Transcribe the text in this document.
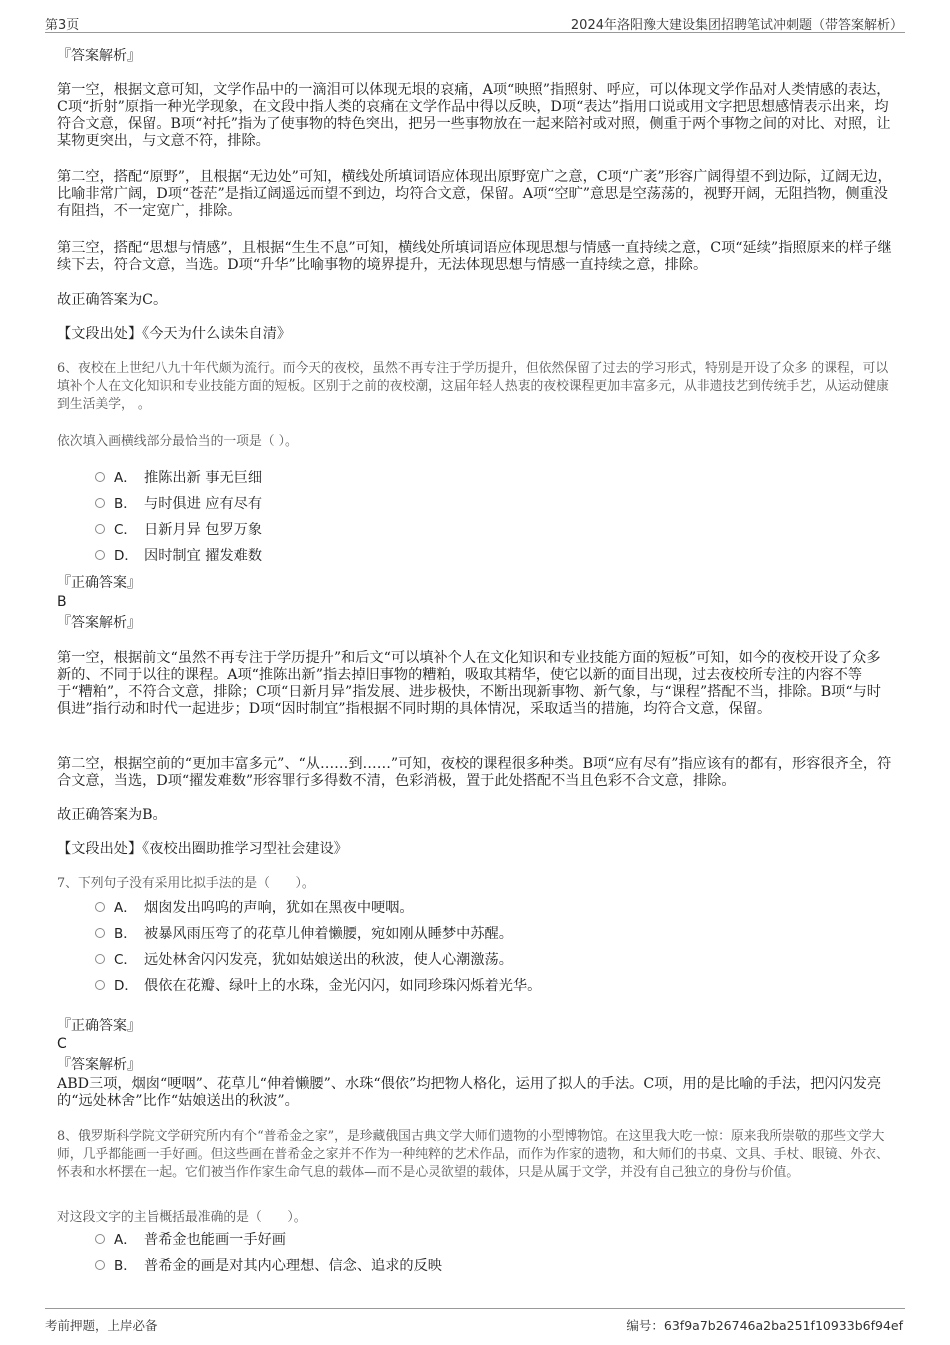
第3页	2024年洛阳豫大建设集团招聘笔试冲刺题（带答案解析）
『答案解析』

第一空，根据文意可知，文学作品中的一滴泪可以体现无垠的哀痛，A项“映照”指照射、呼应，可以体现文学作品对人类情感的表达，C项“折射”原指一种光学现象，在文段中指人类的哀痛在文学作品中得以反映，D项“表达”指用口说或用文字把思想感情表示出来，均符合文意，保留。B项“衬托”指为了使事物的特色突出，把另一些事物放在一起来陪衬或对照，侧重于两个事物之间的对比、对照，让某物更突出，与文意不符，排除。

第二空，搭配“原野”，且根据“无边处”可知，横线处所填词语应体现出原野宽广之意，C项“广袤”形容广阔得望不到边际，辽阔无边，比喻非常广阔，D项“苍茫”是指辽阔遥远而望不到边，均符合文意，保留。A项“空旷”意思是空荡荡的，视野开阔，无阻挡物，侧重没有阻挡，不一定宽广，排除。

第三空，搭配“思想与情感”，且根据“生生不息”可知，横线处所填词语应体现思想与情感一直持续之意，C项“延续”指照原来的样子继续下去，符合文意，当选。D项“升华”比喻事物的境界提升，无法体现思想与情感一直持续之意，排除。

故正确答案为C。

【文段出处】《今天为什么读朱自清》

6、夜校在上世纪八九十年代颇为流行。而今天的夜校，虽然不再专注于学历提升，但依然保留了过去的学习形式，特别是开设了众多 的课程，可以填补个人在文化知识和专业技能方面的短板。区别于之前的夜校潮，这届年轻人热衷的夜校课程更加丰富多元，从非遗技艺到传统手艺，从运动健康到生活美学， 。

依次填入画横线部分最恰当的一项是（ ）。

A． 推陈出新 事无巨细
B． 与时俱进 应有尽有
C． 日新月异 包罗万象
D． 因时制宜 擢发难数
『正确答案』
B
『答案解析』

第一空，根据前文“虽然不再专注于学历提升”和后文“可以填补个人在文化知识和专业技能方面的短板”可知，如今的夜校开设了众多新的、不同于以往的课程。A项“推陈出新”指去掉旧事物的糟粕，吸取其精华，使它以新的面目出现，过去夜校所专注的内容不等于“糟粕”，不符合文意，排除；C项“日新月异”指发展、进步极快，不断出现新事物、新气象，与“课程”搭配不当，排除。B项“与时俱进”指行动和时代一起进步；D项“因时制宜”指根据不同时期的具体情况，采取适当的措施，均符合文意，保留。

第二空，根据空前的“更加丰富多元”、“从……到……”可知，夜校的课程很多种类。B项“应有尽有”指应该有的都有，形容很齐全，符合文意，当选，D项“擢发难数”形容罪行多得数不清，色彩消极，置于此处搭配不当且色彩不合文意，排除。

故正确答案为B。

【文段出处】《夜校出圈助推学习型社会建设》

7、下列句子没有采用比拟手法的是（　　）。

A． 烟囱发出呜呜的声响，犹如在黑夜中哽咽。
B． 被暴风雨压弯了的花草儿伸着懒腰，宛如刚从睡梦中苏醒。
C． 远处林舍闪闪发亮，犹如姑娘送出的秋波，使人心潮激荡。
D． 偎依在花瓣、绿叶上的水珠，金光闪闪，如同珍珠闪烁着光华。
『正确答案』
C
『答案解析』

ABD三项，烟囱“哽咽”、花草儿“伸着懒腰”、水珠“偎依”均把物人格化，运用了拟人的手法。C项，用的是比喻的手法，把闪闪发亮的“远处林舍”比作“姑娘送出的秋波”。

8、俄罗斯科学院文学研究所内有个“普希金之家”，是珍藏俄国古典文学大师们遗物的小型博物馆。在这里我大吃一惊：原来我所崇敬的那些文学大师，几乎都能画一手好画。但这些画在普希金之家并不作为一种纯粹的艺术作品，而作为作家的遗物，和大师们的书桌、文具、手杖、眼镜、外衣、怀表和水杯摆在一起。它们被当作作家生命气息的载体—而不是心灵欲望的载体，只是从属于文学，并没有自己独立的身份与价值。

对这段文字的主旨概括最准确的是（　　）。

A． 普希金也能画一手好画
B． 普希金的画是对其内心理想、信念、追求的反映
考前押题，上岸必备	编号：63f9a7b26746a2ba251f10933b6f94ef
